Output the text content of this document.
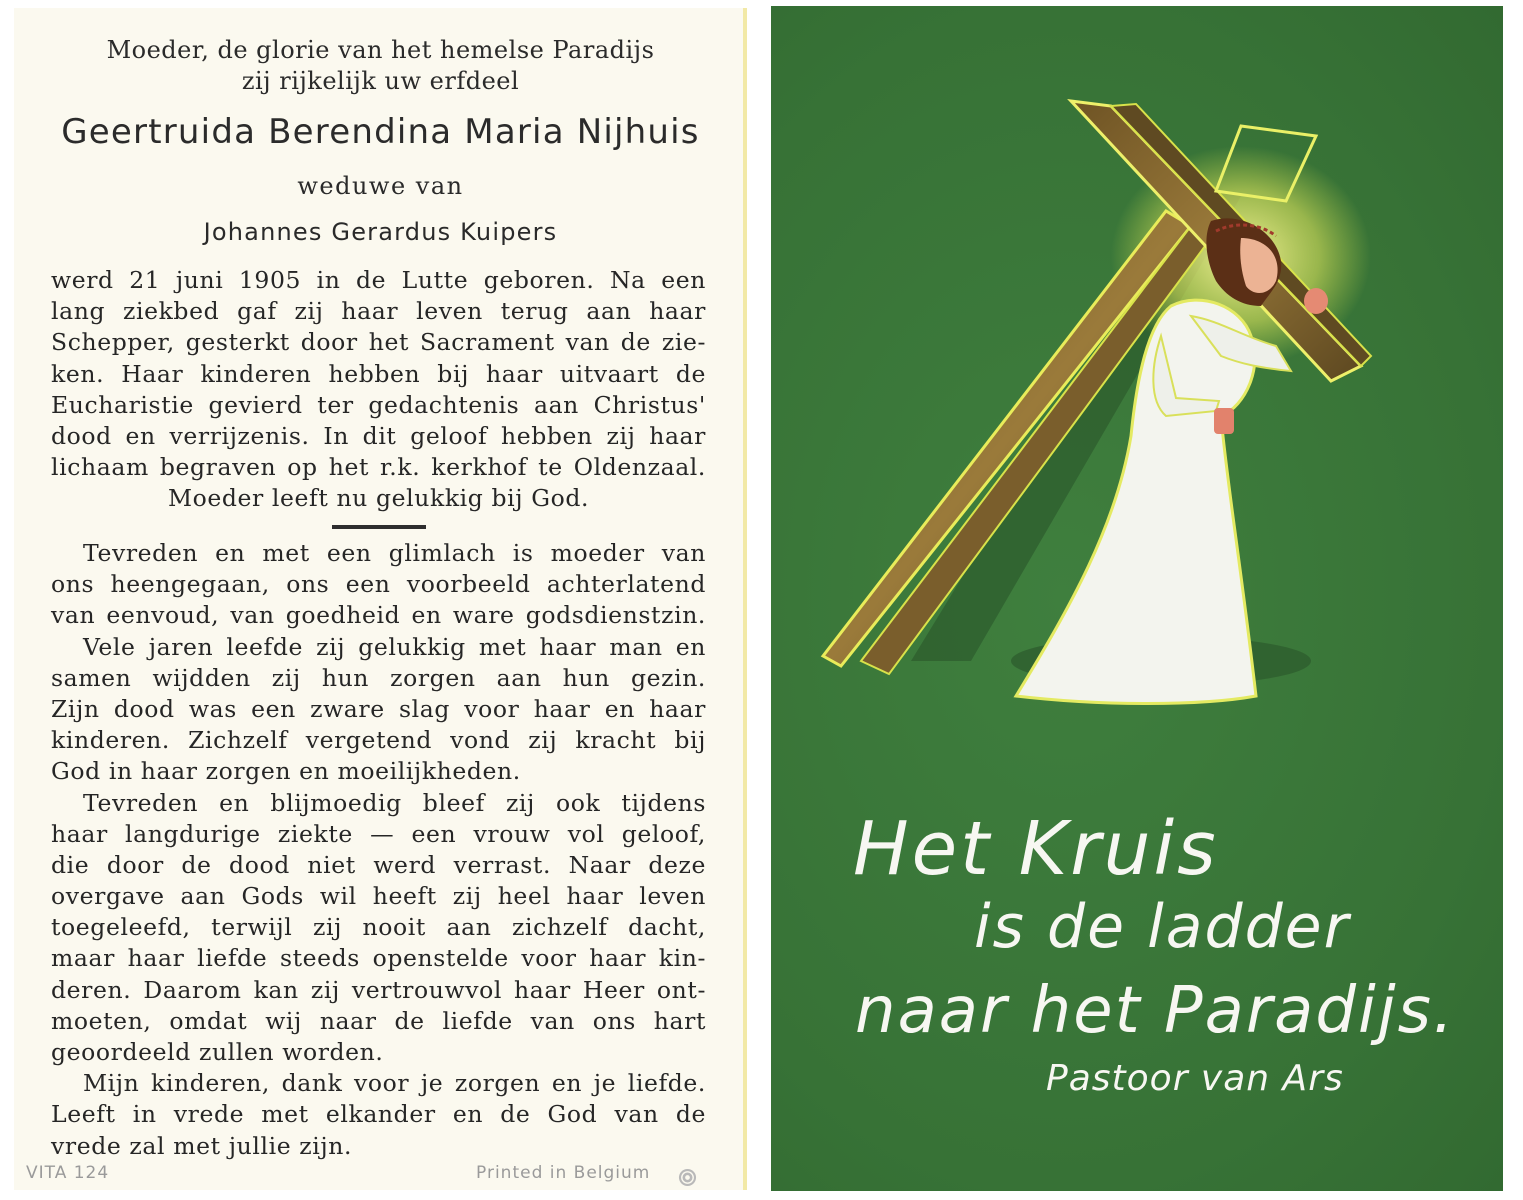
Moeder, de glorie van het hemelse Paradijs
zij rijkelijk uw erfdeel
Geertruida Berendina Maria Nijhuis
weduwe van
Johannes Gerardus Kuipers
werd 21 juni 1905 in de Lutte geboren. Na een
lang ziekbed gaf zij haar leven terug aan haar
Schepper, gesterkt door het Sacrament van de zie-
ken. Haar kinderen hebben bij haar uitvaart de
Eucharistie gevierd ter gedachtenis aan Christus'
dood en verrijzenis. In dit geloof hebben zij haar
lichaam begraven op het r.k. kerkhof te Oldenzaal.
Moeder leeft nu gelukkig bij God.
Tevreden en met een glimlach is moeder van
ons heengegaan, ons een voorbeeld achterlatend
van eenvoud, van goedheid en ware godsdienstzin.
Vele jaren leefde zij gelukkig met haar man en
samen wijdden zij hun zorgen aan hun gezin.
Zijn dood was een zware slag voor haar en haar
kinderen. Zichzelf vergetend vond zij kracht bij
God in haar zorgen en moeilijkheden.
Tevreden en blijmoedig bleef zij ook tijdens
haar langdurige ziekte — een vrouw vol geloof,
die door de dood niet werd verrast. Naar deze
overgave aan Gods wil heeft zij heel haar leven
toegeleefd, terwijl zij nooit aan zichzelf dacht,
maar haar liefde steeds openstelde voor haar kin-
deren. Daarom kan zij vertrouwvol haar Heer ont-
moeten, omdat wij naar de liefde van ons hart
geoordeeld zullen worden.
Mijn kinderen, dank voor je zorgen en je liefde.
Leeft in vrede met elkander en de God van de
vrede zal met jullie zijn.
VITA 124	Printed in Belgium
Het Kruis
is de ladder
naar het Paradijs.
Pastoor van Ars
